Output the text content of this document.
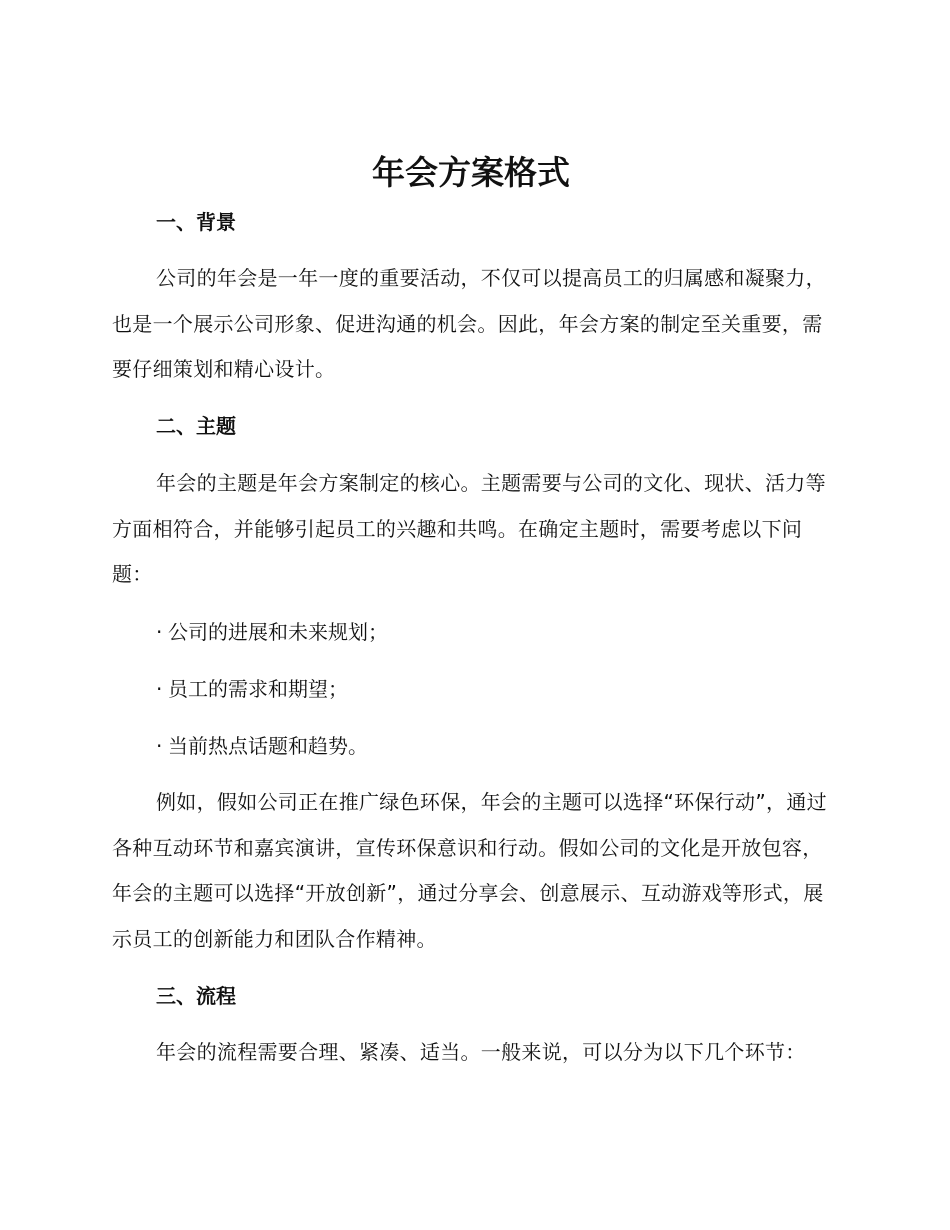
年会方案格式
一、背景

公司的年会是一年一度的重要活动，不仅可以提高员工的归属感和凝聚力，也是一个展示公司形象、促进沟通的机会。因此，年会方案的制定至关重要，需要仔细策划和精心设计。

二、主题

年会的主题是年会方案制定的核心。主题需要与公司的文化、现状、活力等方面相符合，并能够引起员工的兴趣和共鸣。在确定主题时，需要考虑以下问题：

· 公司的进展和未来规划；
· 员工的需求和期望；
· 当前热点话题和趋势。

例如，假如公司正在推广绿色环保，年会的主题可以选择“环保行动”，通过各种互动环节和嘉宾演讲，宣传环保意识和行动。假如公司的文化是开放包容，年会的主题可以选择“开放创新”，通过分享会、创意展示、互动游戏等形式，展示员工的创新能力和团队合作精神。

三、流程

年会的流程需要合理、紧凑、适当。一般来说，可以分为以下几个环节：
